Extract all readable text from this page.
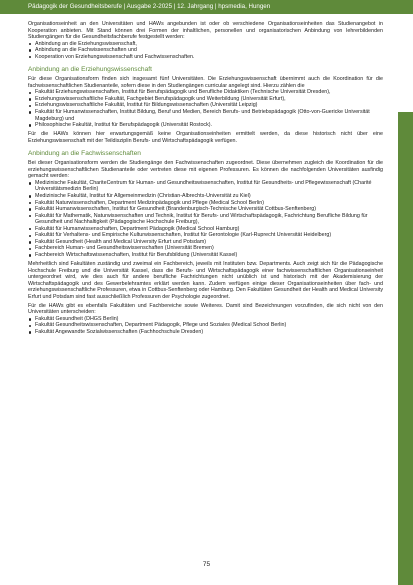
Pädagogik der Gesundheitsberufe | Ausgabe 2-2025 | 12. Jahrgang | hpsmedia, Hungen

Organisationseinheit an den Universitäten und HAWs angebunden ist oder ob verschiedene Organisationseinheiten das Studienangebot in Kooperation anbieten. Mit Stand können drei Formen der inhaltlichen, personellen und organisatorischen Anbindung von lehrerbildenden Studiengängen für die Gesundheitsfachberufe festgestellt werden:

Anbindung an die Erziehungswissenschaft,
Anbindung an die Fachwissenschaften und
Kooperation von Erziehungswissenschaft und Fachwissenschaften.
Anbindung an die Erziehungswissenschaft

Für diese Organisationsform finden sich insgesamt fünf Universitäten. Die Erziehungswissenschaft übernimmt auch die Koordination für die fachwissenschaftlichen Studienanteile, sofern diese in den Studiengängen curricular angelegt sind. Hierzu zählen die

Fakultät Erziehungswissenschaften, Institut für Berufspädagogik und Berufliche Didaktiken (Technische Universität Dresden),
Erziehungswissenschaftliche Fakultät, Fachgebiet Berufspädagogik und Weiterbildung (Universität Erfurt),
Erziehungswissenschaftliche Fakultät, Institut für Bildungswissenschaften (Universität Leipzig)
Fakultät für Humanwissenschaften, Institut Bildung, Beruf und Medien, Bereich Berufs- und Betriebspädagogik (Otto-von-Guericke Universität Magdeburg) und
Philosophische Fakultät, Institut für Berufspädagogik (Universität Rostock).

Für die HAWs können hier erwartungsgemäß keine Organisationseinheiten ermittelt werden, da diese historisch nicht über eine Erziehungswissenschaft mit der Teildisziplin Berufs- und Wirtschaftspädagogik verfügen.

Anbindung an die Fachwissenschaften

Bei dieser Organisationsform werden die Studiengänge den Fachwissenschaften zugeordnet. Diese übernehmen zugleich die Koordination für die erziehungswissenschaftlichen Studienanteile oder vertreten diese mit eigenen Professuren. Es können die nachfolgenden Universitäten ausfindig gemacht werden:

Medizinische Fakultät, ChariteCentrum für Human- und Gesundheitswissenschaften, Institut für Gesundheits- und Pflegewissenschaft (Charité Universitätsmedizin Berlin)
Medizinische Fakultät, Institut für Allgemeinmedizin (Christian-Albrechts-Universität zu Kiel)
Fakultät Naturwissenschaften, Department Medizinpädagogik und Pflege (Medical School Berlin)
Fakultät Humanwissenschaften, Institut für Gesundheit (Brandenburgisch-Technische Universität Cottbus-Senftenberg)
Fakultät für Mathematik, Naturwissenschaften und Technik, Institut für Berufs- und Wirtschaftspädagogik, Fachrichtung Berufliche Bildung für Gesundheit und Nachhaltigkeit (Pädagogische Hochschule Freiburg),
Fakultät für Humanwissenschaften, Department Pädagogik (Medical School Hamburg)
Fakultät für Verhaltens- und Empirische Kulturwissenschaften, Institut für Gerontologie (Karl-Ruprecht Universität Heidelberg)
Fakultät Gesundheit (Health and Medical University Erfurt und Potsdam)
Fachbereich Human- und Gesundheitswissenschaften (Universität Bremen)
Fachbereich Wirtschaftswissenschaften, Institut für Berufsbildung (Universität Kassel)

Mehrheitlich sind Fakultäten zuständig und zweimal ein Fachbereich, jeweils mit Instituten bzw. Departments. Auch zeigt sich für die Pädagogische Hochschule Freiburg und die Universität Kassel, dass die Berufs- und Wirtschaftspädagogik einer fachwissenschaftlichen Organisationseinheit untergeordnet wird, wie dies auch für andere berufliche Fachrichtungen nicht unüblich ist und historisch mit der Akademisierung der Wirtschaftspädagogik und des Gewerbelehramtes erklärt werden kann. Zudem verfügen einige dieser Organisationseinheiten über fach- und erziehungswissenschaftliche Professuren, etwa in Cottbus-Senftenberg oder Hamburg. Den Fakultäten Gesundheit der Health and Medical University Erfurt und Potsdam sind fast ausschließlich Professuren der Psychologie zugeordnet.

Für die HAWs gibt es ebenfalls Fakultäten und Fachbereiche sowie Weiteres. Damit sind Bezeichnungen vorzufinden, die sich nicht von den Universitäten unterscheiden:

Fakultät Gesundheit (DHGS Berlin)
Fakultät Gesundheitswissenschaften, Department Pädagogik, Pflege und Soziales (Medical School Berlin)
Fakultät Angewandte Sozialwissenschaften (Fachhochschule Dresden)
75
